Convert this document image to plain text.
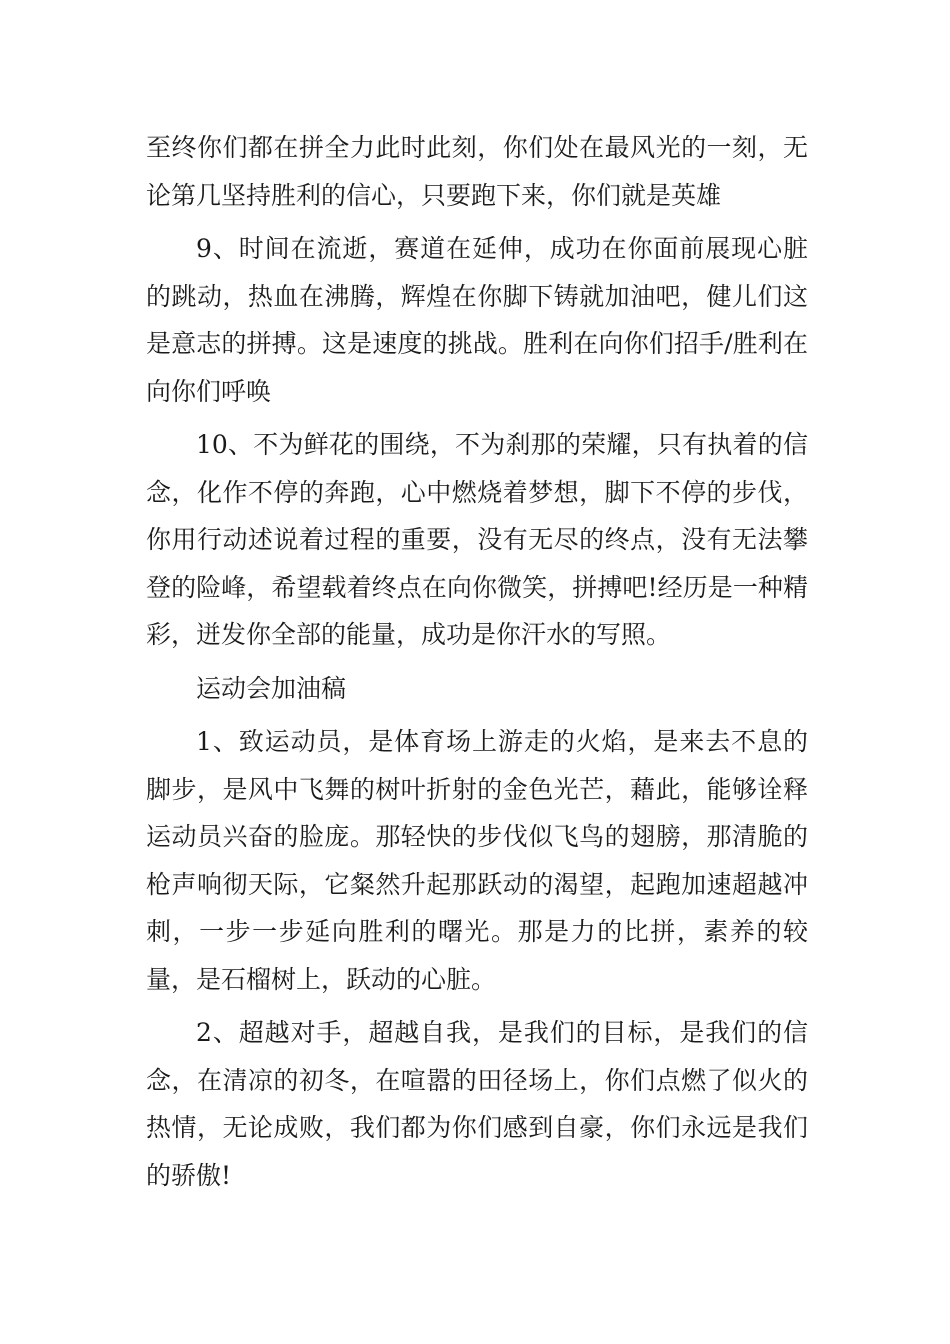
至终你们都在拼全力此时此刻，你们处在最风光的一刻，无论第几坚持胜利的信心，只要跑下来，你们就是英雄

9、时间在流逝，赛道在延伸，成功在你面前展现心脏的跳动，热血在沸腾，辉煌在你脚下铸就加油吧，健儿们这是意志的拼搏。这是速度的挑战。胜利在向你们招手/胜利在向你们呼唤

10、不为鲜花的围绕，不为刹那的荣耀，只有执着的信念，化作不停的奔跑，心中燃烧着梦想，脚下不停的步伐，你用行动述说着过程的重要，没有无尽的终点，没有无法攀登的险峰，希望载着终点在向你微笑，拼搏吧!经历是一种精彩，迸发你全部的能量，成功是你汗水的写照。

运动会加油稿

1、致运动员，是体育场上游走的火焰，是来去不息的脚步，是风中飞舞的树叶折射的金色光芒，藉此，能够诠释运动员兴奋的脸庞。那轻快的步伐似飞鸟的翅膀，那清脆的枪声响彻天际，它粲然升起那跃动的渴望，起跑加速超越冲刺，一步一步延向胜利的曙光。那是力的比拼，素养的较量，是石榴树上，跃动的心脏。

2、超越对手，超越自我，是我们的目标，是我们的信念，在清凉的初冬，在喧嚣的田径场上，你们点燃了似火的热情，无论成败，我们都为你们感到自豪，你们永远是我们的骄傲!
